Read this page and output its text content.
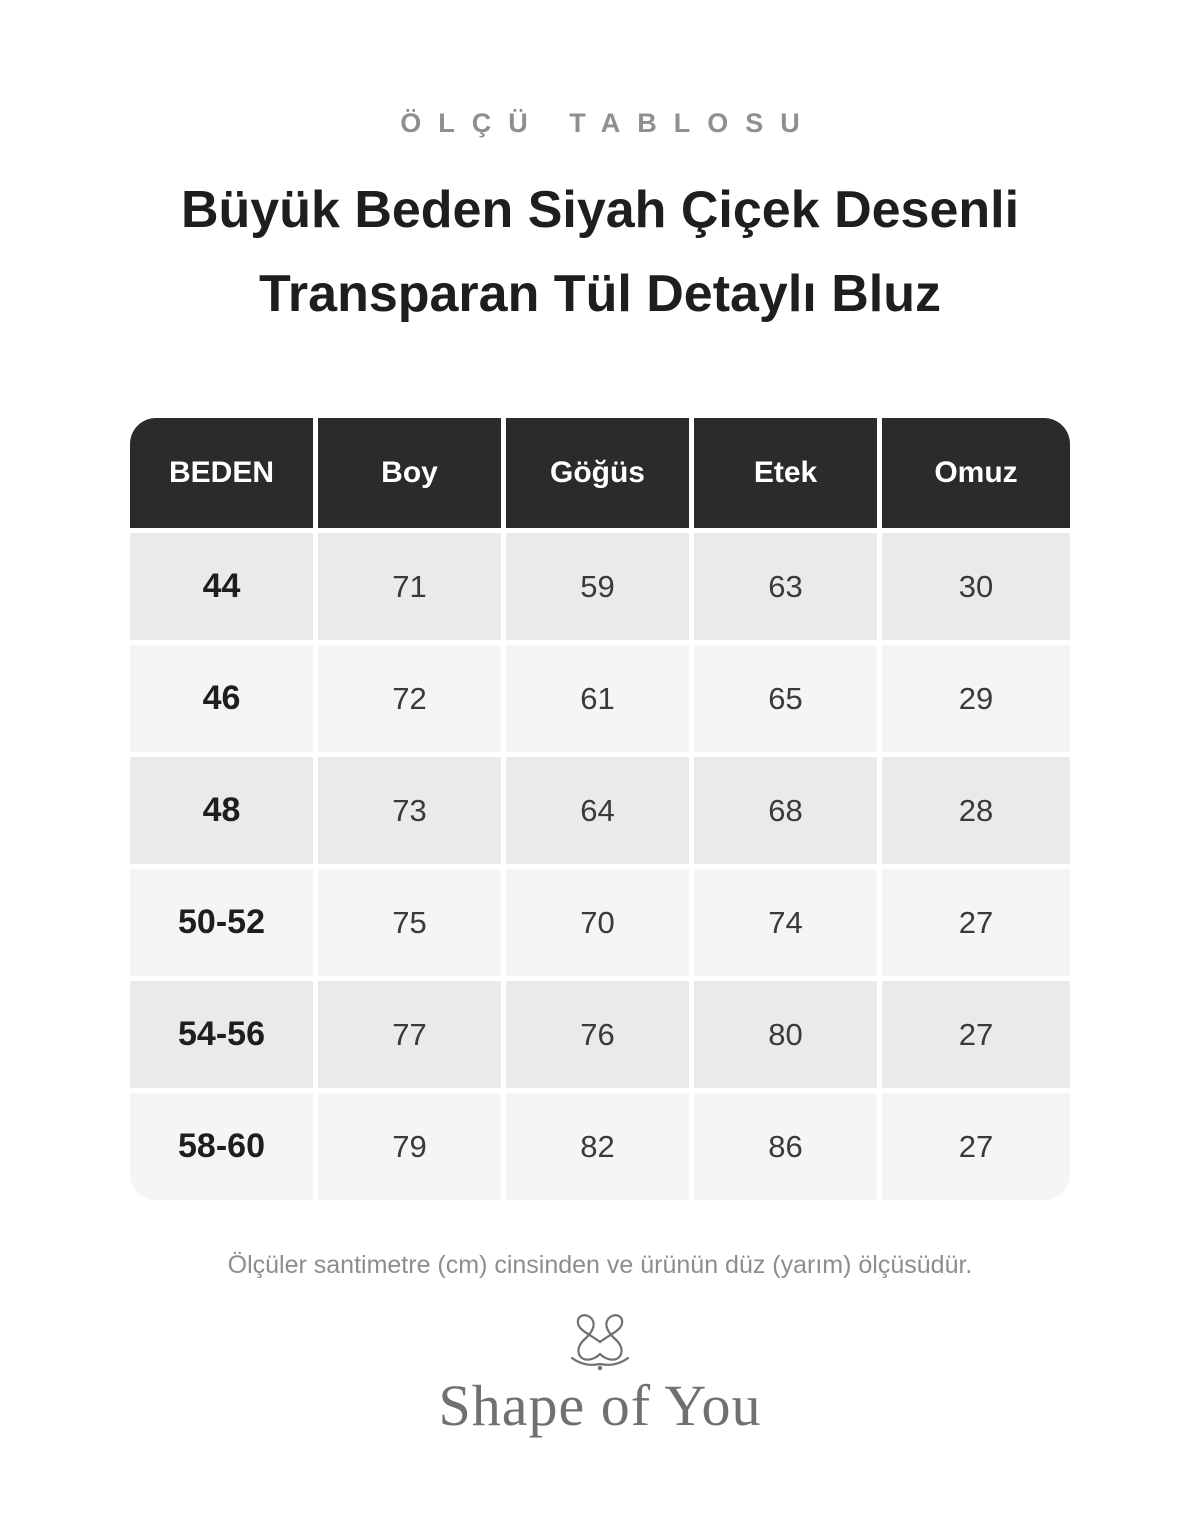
ÖLÇÜ TABLOSU
Büyük Beden Siyah Çiçek Desenli
Transparan Tül Detaylı Bluz
BEDEN	Boy	Göğüs	Etek	Omuz
44	71	59	63	30
46	72	61	65	29
48	73	64	68	28
50-52	75	70	74	27
54-56	77	76	80	27
58-60	79	82	86	27
Ölçüler santimetre (cm) cinsinden ve ürünün düz (yarım) ölçüsüdür.
Shape of You
